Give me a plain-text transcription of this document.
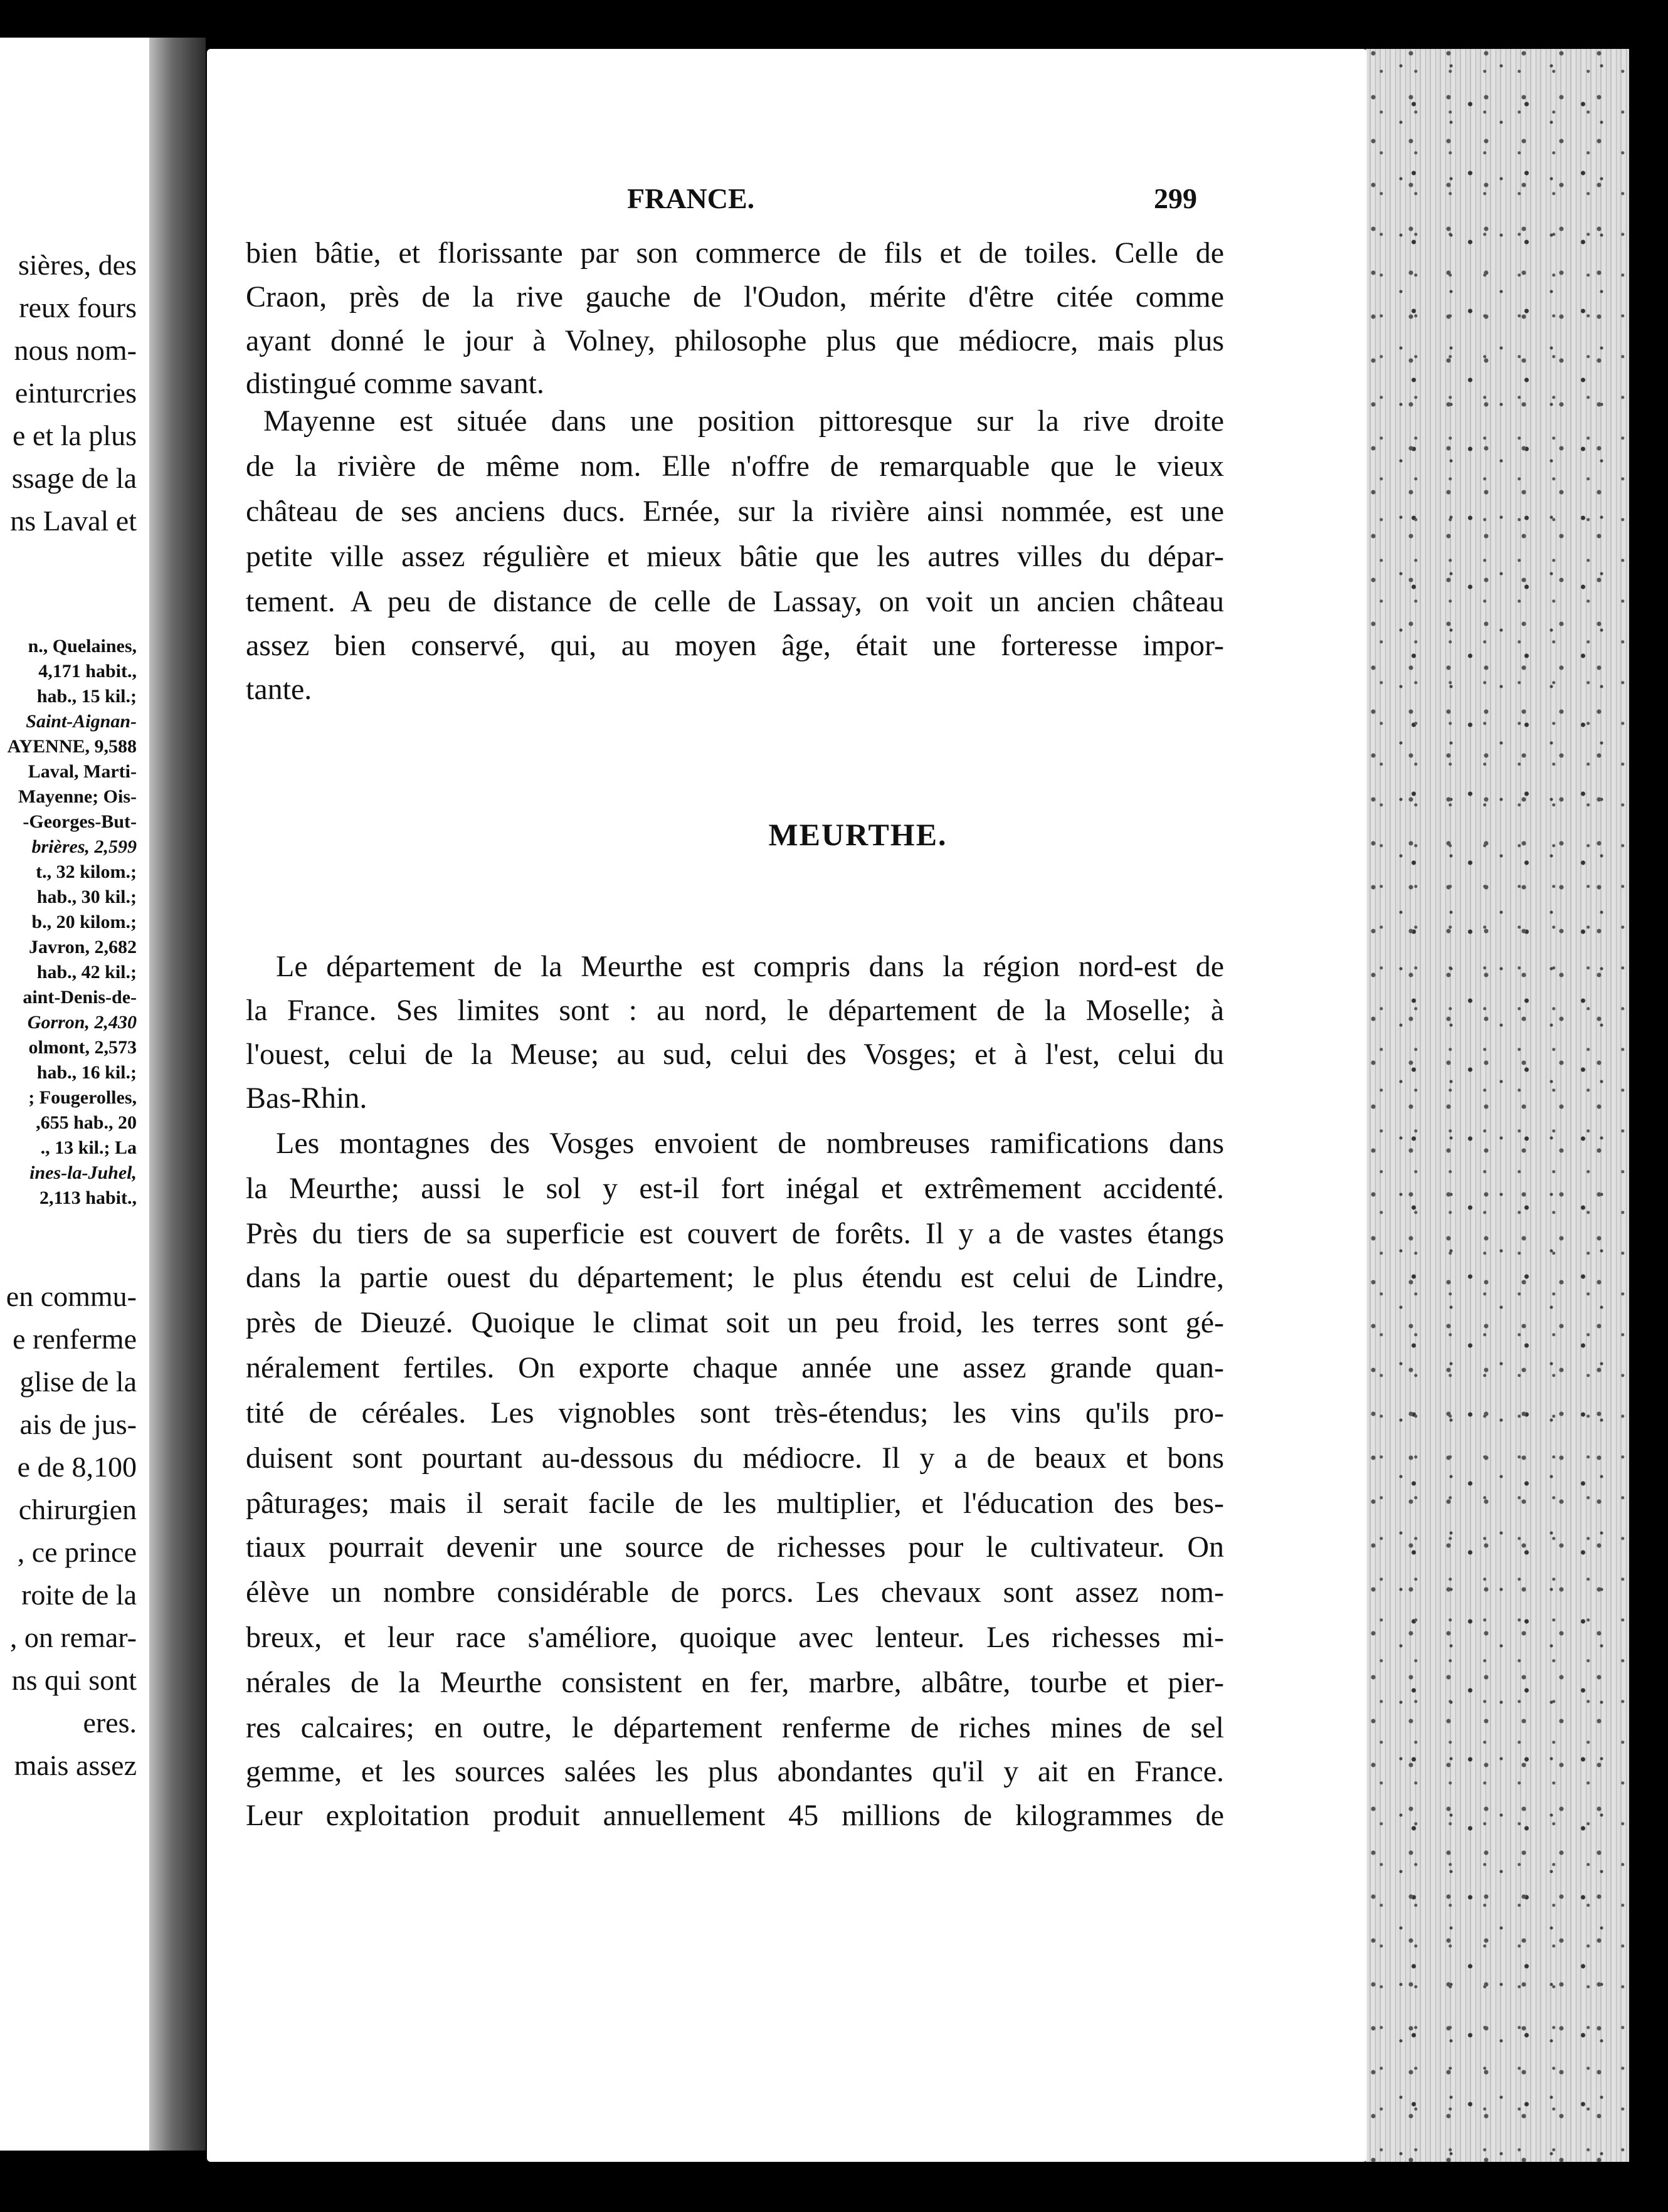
sières, des
reux fours
nous nom-
einturcries
e et la plus
ssage de la
ns Laval et
n., Quelaines,
4,171 habit.,
hab., 15 kil.;
Saint-Aignan-
AYENNE, 9,588
Laval, Marti-
Mayenne; Ois-
-Georges-But-
brières, 2,599
t., 32 kilom.;
hab., 30 kil.;
b., 20 kilom.;
Javron, 2,682
hab., 42 kil.;
aint-Denis-de-
Gorron, 2,430
olmont, 2,573
hab., 16 kil.;
; Fougerolles,
,655 hab., 20
., 13 kil.; La
ines-la-Juhel,
2,113 habit.,
en commu-
e renferme
glise de la
ais de jus-
e de 8,100
chirurgien
, ce prince
roite de la
, on remar-
ns qui sont
eres.
mais assez
FRANCE.	299
bien bâtie, et florissante par son commerce de fils et de toiles. Celle de
Craon, près de la rive gauche de l'Oudon, mérite d'être citée comme
ayant donné le jour à Volney, philosophe plus que médiocre, mais plus
distingué comme savant.
Mayenne est située dans une position pittoresque sur la rive droite
de la rivière de même nom. Elle n'offre de remarquable que le vieux
château de ses anciens ducs. Ernée, sur la rivière ainsi nommée, est une
petite ville assez régulière et mieux bâtie que les autres villes du dépar-
tement. A peu de distance de celle de Lassay, on voit un ancien château
assez bien conservé, qui, au moyen âge, était une forteresse impor-
tante.
MEURTHE.
Le département de la Meurthe est compris dans la région nord-est de
la France. Ses limites sont : au nord, le département de la Moselle; à
l'ouest, celui de la Meuse; au sud, celui des Vosges; et à l'est, celui du
Bas-Rhin.
Les montagnes des Vosges envoient de nombreuses ramifications dans
la Meurthe; aussi le sol y est-il fort inégal et extrêmement accidenté.
Près du tiers de sa superficie est couvert de forêts. Il y a de vastes étangs
dans la partie ouest du département; le plus étendu est celui de Lindre,
près de Dieuzé. Quoique le climat soit un peu froid, les terres sont gé-
néralement fertiles. On exporte chaque année une assez grande quan-
tité de céréales. Les vignobles sont très-étendus; les vins qu'ils pro-
duisent sont pourtant au-dessous du médiocre. Il y a de beaux et bons
pâturages; mais il serait facile de les multiplier, et l'éducation des bes-
tiaux pourrait devenir une source de richesses pour le cultivateur. On
élève un nombre considérable de porcs. Les chevaux sont assez nom-
breux, et leur race s'améliore, quoique avec lenteur. Les richesses mi-
nérales de la Meurthe consistent en fer, marbre, albâtre, tourbe et pier-
res calcaires; en outre, le département renferme de riches mines de sel
gemme, et les sources salées les plus abondantes qu'il y ait en France.
Leur exploitation produit annuellement 45 millions de kilogrammes de
